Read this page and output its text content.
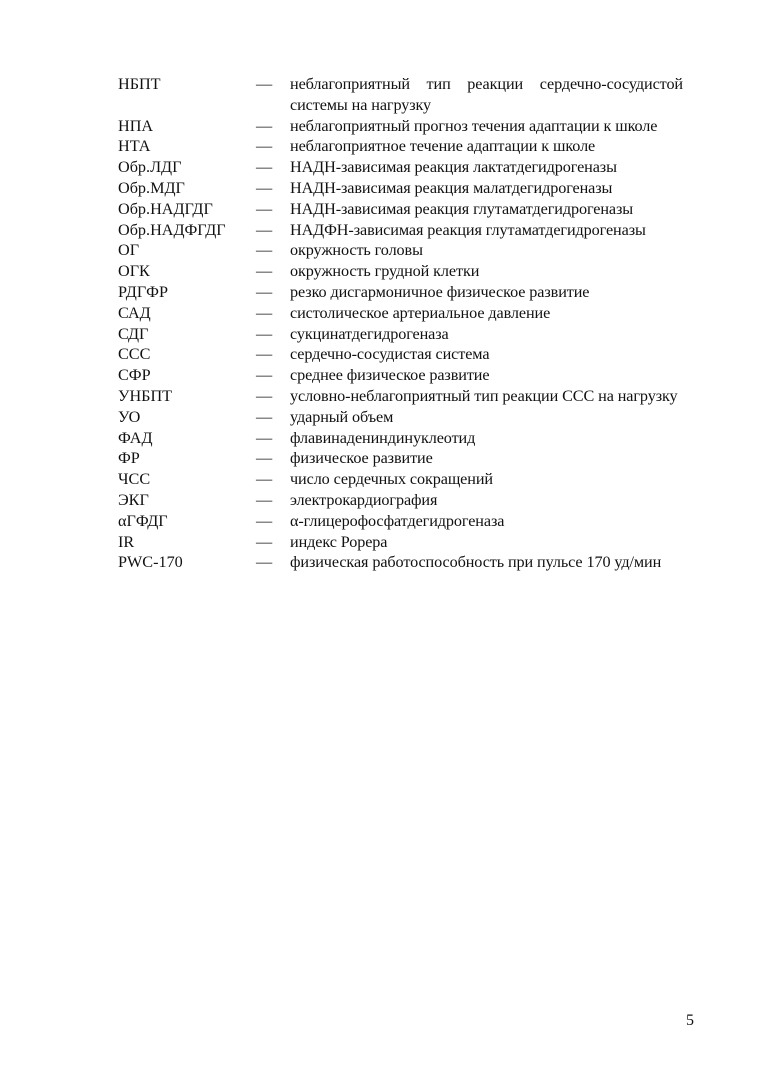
НБПТ	—	неблагоприятный тип реакции сердечно-сосудистой системы на нагрузку
НПА	—	неблагоприятный прогноз течения адаптации к школе
НТА	—	неблагоприятное течение адаптации к школе
Обр.ЛДГ	—	НАДН-зависимая реакция лактатдегидрогеназы
Обр.МДГ	—	НАДН-зависимая реакция малатдегидрогеназы
Обр.НАДГДГ	—	НАДН-зависимая реакция глутаматдегидрогеназы
Обр.НАДФГДГ	—	НАДФН-зависимая реакция глутаматдегидрогеназы
ОГ	—	окружность головы
ОГК	—	окружность грудной клетки
РДГФР	—	резко дисгармоничное физическое развитие
САД	—	систолическое артериальное давление
СДГ	—	сукцинатдегидрогеназа
ССС	—	сердечно-сосудистая система
СФР	—	среднее физическое развитие
УНБПТ	—	условно-неблагоприятный тип реакции ССС на нагрузку
УО	—	ударный объем
ФАД	—	флавинадениндинуклеотид
ФР	—	физическое развитие
ЧСС	—	число сердечных сокращений
ЭКГ	—	электрокардиография
αГФДГ	—	α-глицерофосфатдегидрогеназа
IR	—	индекс Рорера
PWC-170	—	физическая работоспособность при пульсе 170 уд/мин
5
